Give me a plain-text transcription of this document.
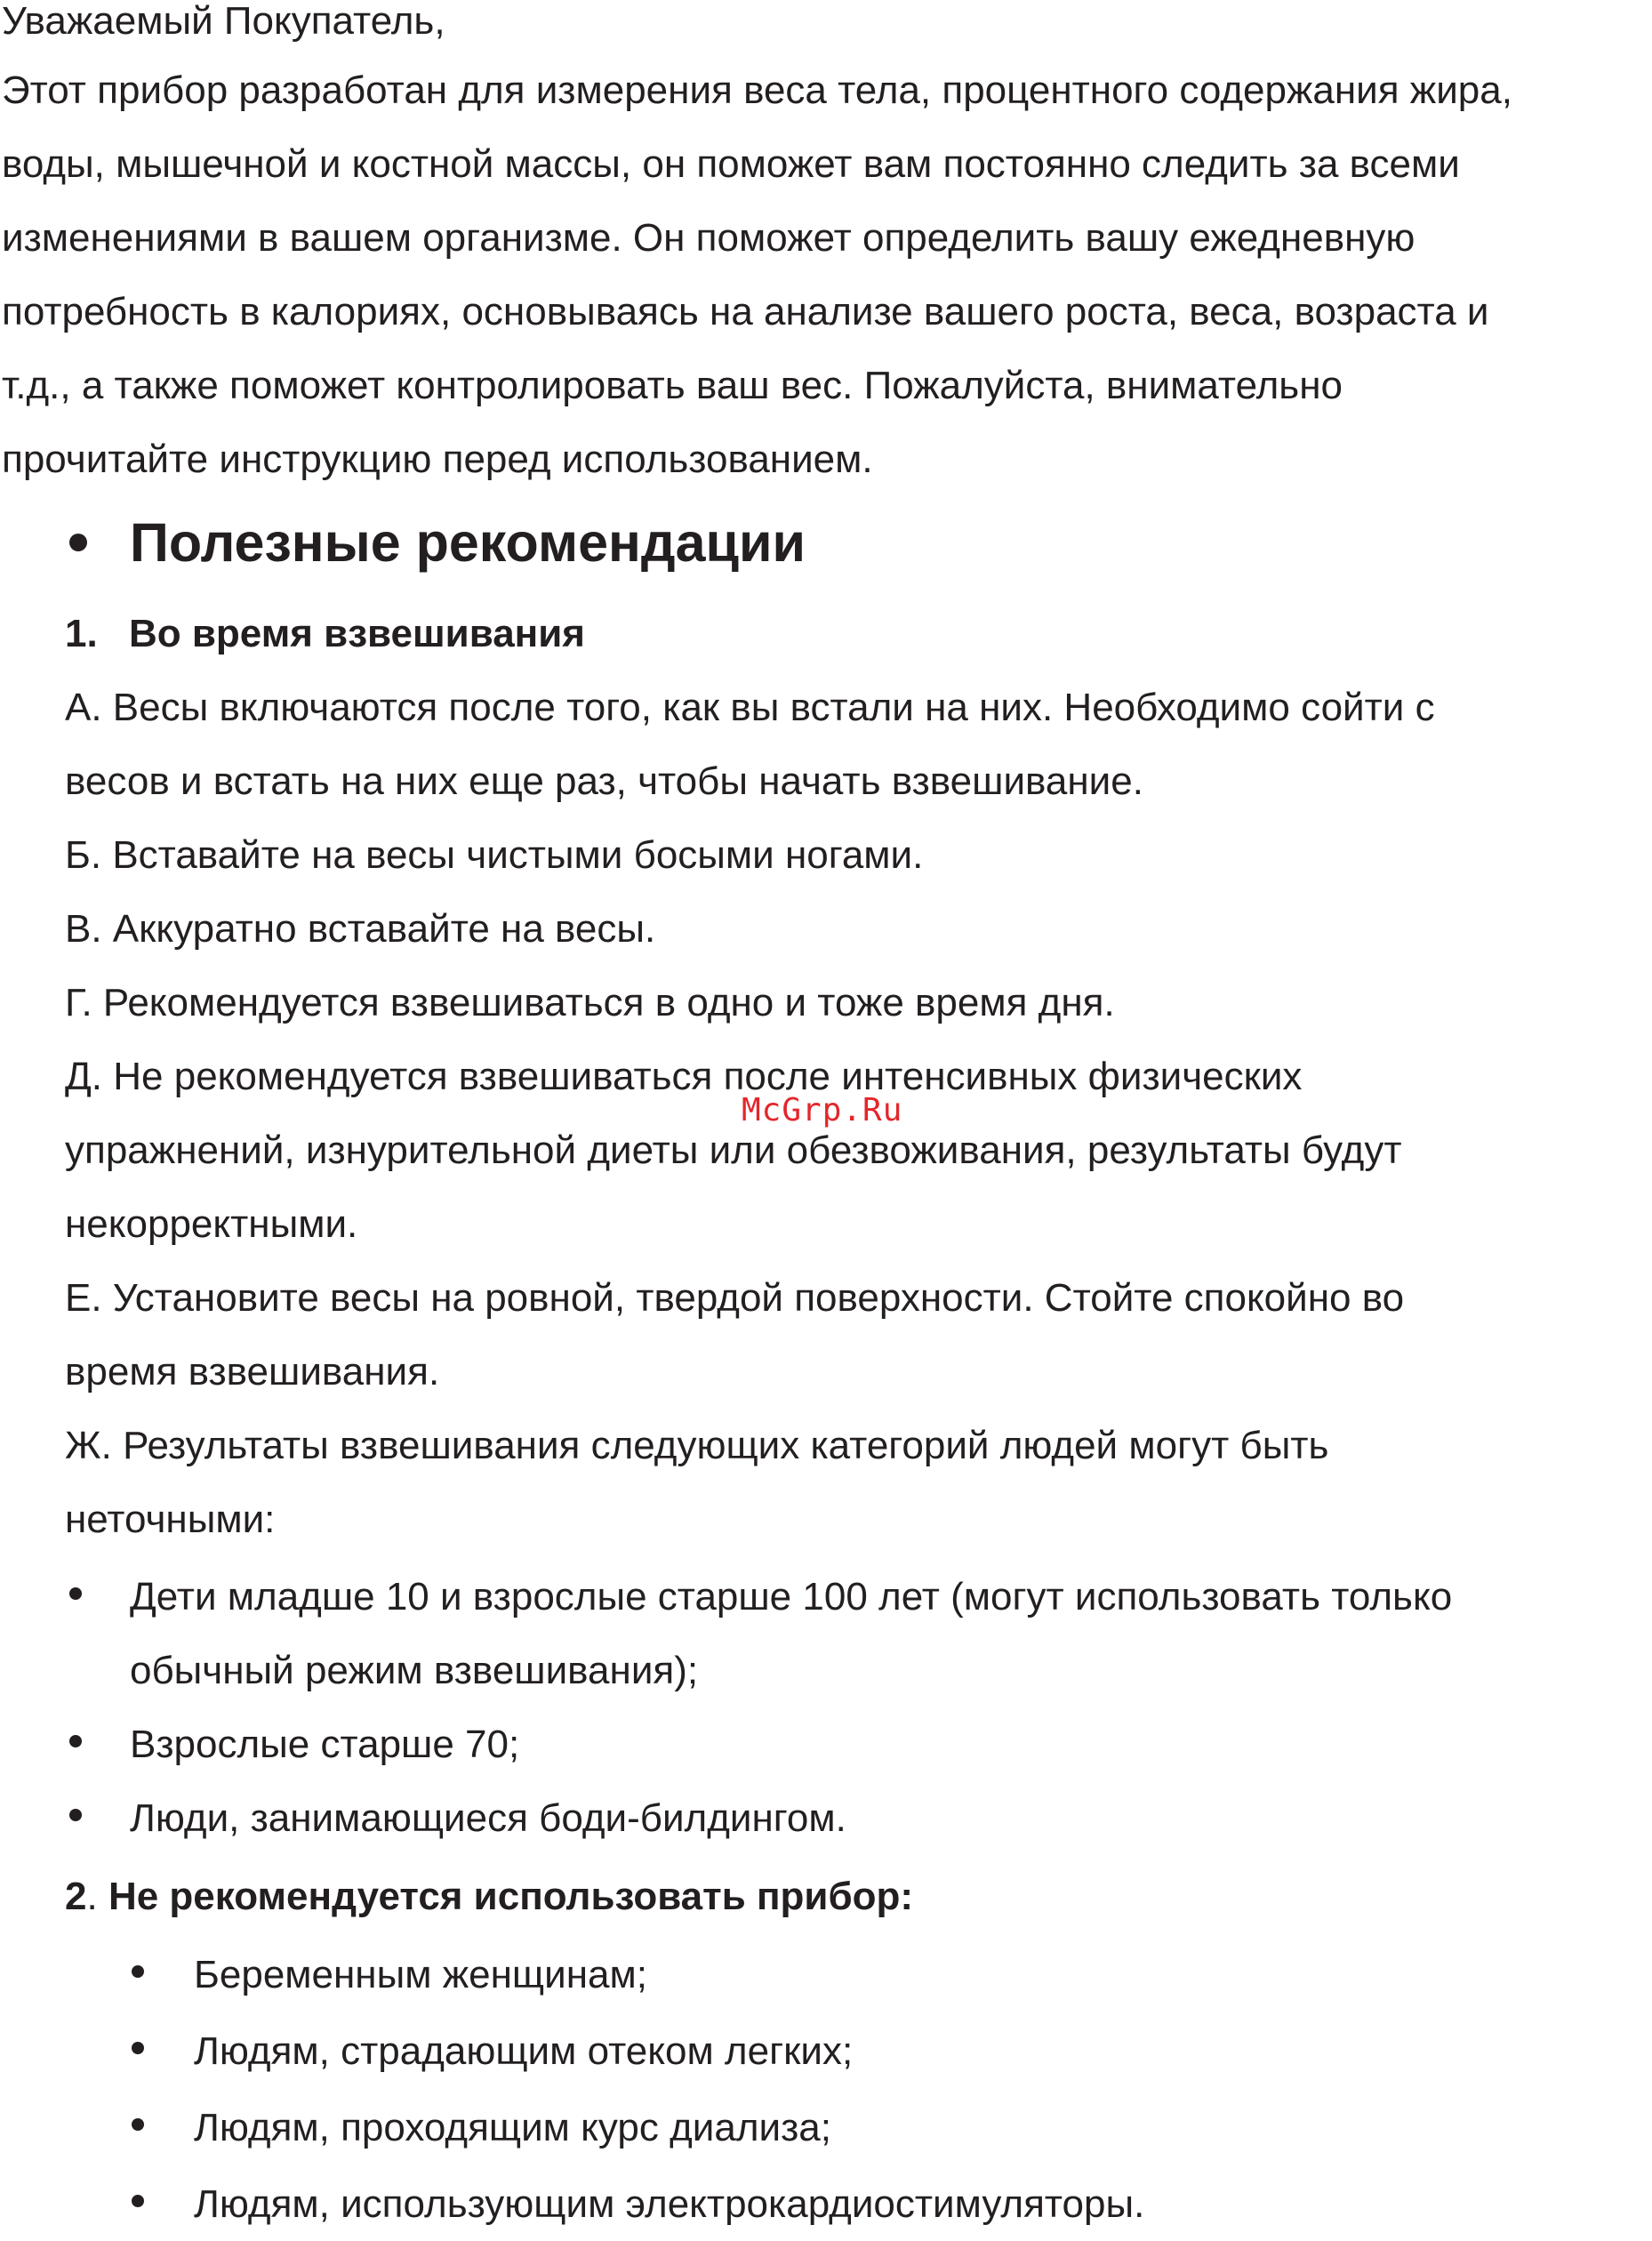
Уважаемый Покупатель,
Этот прибор разработан для измерения веса тела, процентного содержания жира,
воды, мышечной и костной массы, он поможет вам постоянно следить за всеми
изменениями в вашем организме. Он поможет определить вашу ежедневную
потребность в калориях, основываясь на анализе вашего роста, веса, возраста и
т.д., а также поможет контролировать ваш вес. Пожалуйста, внимательно
прочитайте инструкцию перед использованием.
Полезные рекомендации
1. Во время взвешивания
А. Весы включаются после того, как вы встали на них. Необходимо сойти с
весов и встать на них еще раз, чтобы начать взвешивание.
Б. Вставайте на весы чистыми босыми ногами.
В. Аккуратно вставайте на весы.
Г. Рекомендуется взвешиваться в одно и тоже время дня.
Д. Не рекомендуется взвешиваться после интенсивных физических
упражнений, изнурительной диеты или обезвоживания, результаты будут
некорректными.
Е. Установите весы на ровной, твердой поверхности. Стойте спокойно во
время взвешивания.
Ж. Результаты взвешивания следующих категорий людей могут быть
неточными:
Дети младше 10 и взрослые старше 100 лет (могут использовать только
обычный режим взвешивания);
Взрослые старше 70;
Люди, занимающиеся боди-билдингом.
2. Не рекомендуется использовать прибор:
Беременным женщинам;
Людям, страдающим отеком легких;
Людям, проходящим курс диализа;
Людям, использующим электрокардиостимуляторы.
McGrp.Ru
